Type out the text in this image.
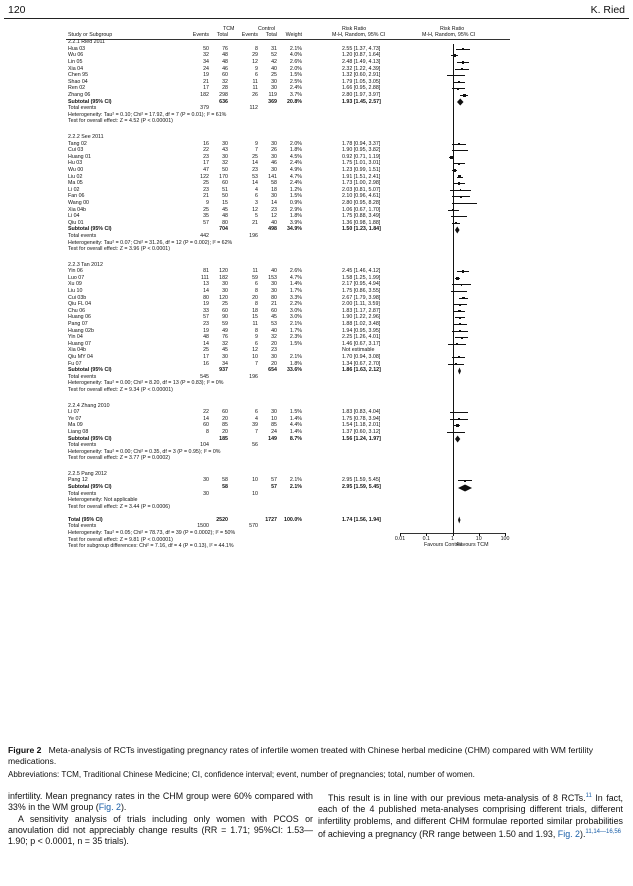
120	K. Ried
TCM	Control	Risk Ratio	Risk Ratio
Study or Subgroup	Events	Total	Events	Total	Weight	M-H, Random, 95% CI	M-H, Random, 95% CI
2.2.1 Ried 2011
Hua 03	50	76	8	31	2.1%	2.55 [1.37, 4.73]
Wu 06	32	48	29	52	4.0%	1.20 [0.87, 1.64]
Lin 05	34	48	12	42	2.6%	2.48 [1.49, 4.13]
Xia 04	24	46	9	40	2.0%	2.32 [1.22, 4.39]
Chen 95	19	60	6	25	1.5%	1.32 [0.60, 2.91]
Shao 04	21	32	11	30	2.5%	1.79 [1.05, 3.05]
Ren 02	17	28	11	30	2.4%	1.66 [0.95, 2.88]
Zhang 06	182	298	26	119	3.7%	2.80 [1.97, 3.97]
Subtotal (95% CI)	636	369	20.8%	1.93 [1.45, 2.57]
Total events	379	112
Heterogeneity: Tau² = 0.10; Chi² = 17.92, df = 7 (P = 0.01); I² = 61%
Test for overall effect: Z = 4.52 (P < 0.00001)
2.2.2 See 2011
Tang 02	16	30	9	30	2.0%	1.78 [0.94, 3.37]
Cui 03	22	43	7	26	1.8%	1.90 [0.95, 3.82]
Huang 01	23	30	25	30	4.5%	0.92 [0.71, 1.19]
Hu 03	17	32	14	46	2.4%	1.75 [1.01, 3.01]
Wu 00	47	50	23	30	4.9%	1.23 [0.99, 1.51]
Liu 02	122	170	53	141	4.7%	1.91 [1.51, 2.41]
Ma 05	25	60	14	58	2.4%	1.73 [1.00, 2.98]
Li 02	23	51	4	18	1.2%	2.03 [0.81, 5.07]
Fan 06	21	50	6	30	1.5%	2.10 [0.96, 4.61]
Wang 00	9	15	3	14	0.9%	2.80 [0.95, 8.28]
Xia 04b	25	45	12	23	2.9%	1.06 [0.67, 1.70]
Li 04	35	48	5	12	1.8%	1.75 [0.88, 3.49]
Qiu 01	57	80	21	40	3.9%	1.36 [0.98, 1.88]
Subtotal (95% CI)	704	498	34.9%	1.50 [1.23, 1.84]
Total events	442	196
Heterogeneity: Tau² = 0.07; Chi² = 31.26, df = 12 (P = 0.002); I² = 62%
Test for overall effect: Z = 3.96 (P < 0.0001)
2.2.3 Tan 2012
Yin 06	81	120	11	40	2.6%	2.45 [1.46, 4.12]
Luo 07	111	182	59	153	4.7%	1.58 [1.25, 1.99]
Xu 09	13	30	6	30	1.4%	2.17 [0.95, 4.94]
Liu 10	14	30	8	30	1.7%	1.75 [0.86, 3.55]
Cui 03b	80	120	20	80	3.3%	2.67 [1.79, 3.98]
Qiu FL 04	19	25	8	21	2.2%	2.00 [1.11, 3.59]
Chu 06	33	60	18	60	3.0%	1.83 [1.17, 2.87]
Huang 06	57	90	15	45	3.0%	1.90 [1.22, 2.96]
Pang 07	23	59	11	53	2.1%	1.88 [1.02, 3.48]
Huang 02b	19	49	8	40	1.7%	1.94 [0.95, 3.95]
Yin 04	48	76	9	32	2.3%	2.25 [1.26, 4.01]
Huang 07	14	32	6	20	1.5%	1.46 [0.67, 3.17]
Xia 04b	25	45	12	23	Not estimable
Qiu MY 04	17	30	10	30	2.1%	1.70 [0.94, 3.08]
Fu 07	16	34	7	20	1.8%	1.34 [0.67, 2.70]
Subtotal (95% CI)	937	654	33.6%	1.86 [1.63, 2.12]
Total events	545	196
Heterogeneity: Tau² = 0.00; Chi² = 8.20, df = 13 (P = 0.83); I² = 0%
Test for overall effect: Z = 9.34 (P < 0.00001)
2.2.4 Zhang 2010
Li 07	22	60	6	30	1.5%	1.83 [0.83, 4.04]
Ye 07	14	20	4	10	1.4%	1.75 [0.78, 3.94]
Ma 09	60	85	39	85	4.4%	1.54 [1.18, 2.01]
Liang 08	8	20	7	24	1.4%	1.37 [0.60, 3.12]
Subtotal (95% CI)	185	149	8.7%	1.56 [1.24, 1.97]
Total events	104	56
Heterogeneity: Tau² = 0.00; Chi² = 0.35, df = 3 (P = 0.95); I² = 0%
Test for overall effect: Z = 3.77 (P = 0.0002)
2.2.5 Pang 2012
Pang 12	30	58	10	57	2.1%	2.95 [1.59, 5.45]
Subtotal (95% CI)	58	57	2.1%	2.95 [1.59, 5.45]
Total events	30	10
Heterogeneity: Not applicable
Test for overall effect: Z = 3.44 (P = 0.0006)
Total (95% CI)	2520	1727	100.0%	1.74 [1.56, 1.94]
Total events	1500	570
Heterogeneity: Tau² = 0.05; Chi² = 78.73, df = 39 (P = 0.0002); I² = 50%
Test for overall effect: Z = 9.81 (P < 0.00001)
Test for subgroup differences: Chi² = 7.16, df = 4 (P = 0.13), I² = 44.1%
0.01	0.1	1	10	100
Favours Control
Favours TCM
Figure 2 Meta-analysis of RCTs investigating pregnancy rates of infertile women treated with Chinese herbal medicine (CHM) compared with WM fertility medications.
Abbreviations: TCM, Traditional Chinese Medicine; CI, confidence interval; event, number of pregnancies; total, number of women.

infertility. Mean pregnancy rates in the CHM group were 60% compared with 33% in the WM group (Fig. 2).

A sensitivity analysis of trials including only women with PCOS or anovulation did not appreciably change results (RR = 1.71; 95%CI: 1.53—1.90; p < 0.0001, n = 35 trials).

This result is in line with our previous meta-analysis of 8 RCTs.$^{11}$ In fact, each of the 4 published meta-analyses comprising different trials, different infertility problems, and different CHM formulae reported similar probabilities of achieving a pregnancy (RR range between 1.50 and 1.93, Fig. 2).$^{11,14—16,56}$
